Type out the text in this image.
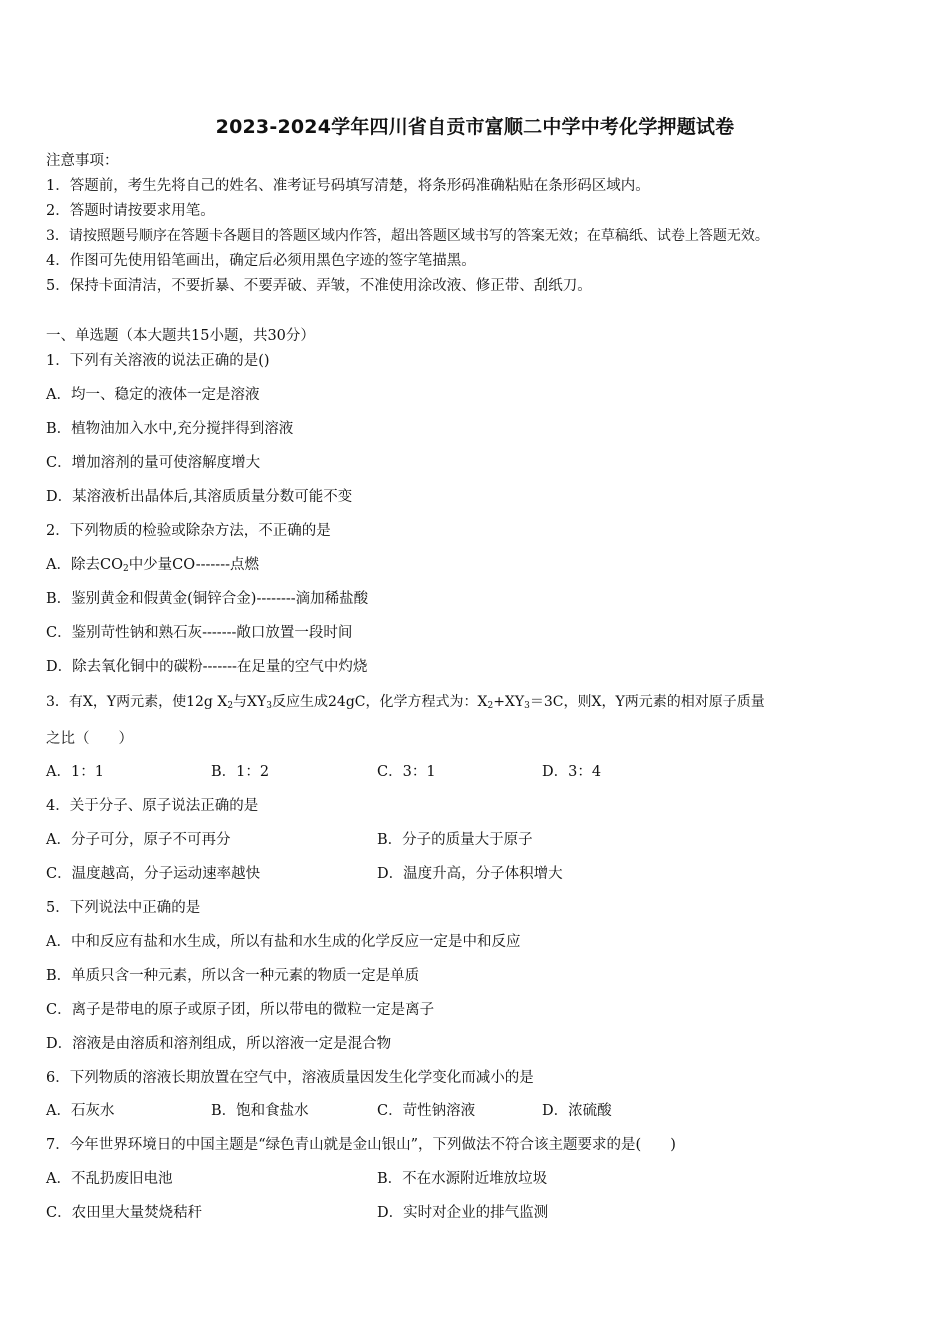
2023-2024学年四川省自贡市富顺二中学中考化学押题试卷
注意事项：
1．答题前，考生先将自己的姓名、准考证号码填写清楚，将条形码准确粘贴在条形码区域内。
2．答题时请按要求用笔。
3．请按照题号顺序在答题卡各题目的答题区域内作答，超出答题区域书写的答案无效；在草稿纸、试卷上答题无效。
4．作图可先使用铅笔画出，确定后必须用黑色字迹的签字笔描黑。
5．保持卡面清洁，不要折暴、不要弄破、弄皱，不准使用涂改液、修正带、刮纸刀。
一、单选题（本大题共15小题，共30分）
1．下列有关溶液的说法正确的是()
A．均一、稳定的液体一定是溶液
B．植物油加入水中,充分搅拌得到溶液
C．增加溶剂的量可使溶解度增大
D．某溶液析出晶体后,其溶质质量分数可能不变
2．下列物质的检验或除杂方法，不正确的是
A．除去$CO_2$中少量CO-------点燃
B．鉴别黄金和假黄金(铜锌合金)--------滴加稀盐酸
C．鉴别苛性钠和熟石灰-------敞口放置一段时间
D．除去氧化铜中的碳粉-------在足量的空气中灼烧
3．有X，Y两元素，使12g $X_2$与$XY_3$反应生成24gC，化学方程式为：$X_2+XY_3=3C$，则X，Y两元素的相对原子质量
之比（　　）
A．1：1	B．1：2	C．3：1	D．3：4
4．关于分子、原子说法正确的是
A．分子可分，原子不可再分	B．分子的质量大于原子
C．温度越高，分子运动速率越快	D．温度升高，分子体积增大
5．下列说法中正确的是
A．中和反应有盐和水生成，所以有盐和水生成的化学反应一定是中和反应
B．单质只含一种元素，所以含一种元素的物质一定是单质
C．离子是带电的原子或原子团，所以带电的微粒一定是离子
D．溶液是由溶质和溶剂组成，所以溶液一定是混合物
6．下列物质的溶液长期放置在空气中，溶液质量因发生化学变化而减小的是
A．石灰水	B．饱和食盐水	C．苛性钠溶液	D．浓硫酸
7．今年世界环境日的中国主题是“绿色青山就是金山银山”，下列做法不符合该主题要求的是(　　)
A．不乱扔废旧电池	B．不在水源附近堆放垃圾
C．农田里大量焚烧秸秆	D．实时对企业的排气监测
